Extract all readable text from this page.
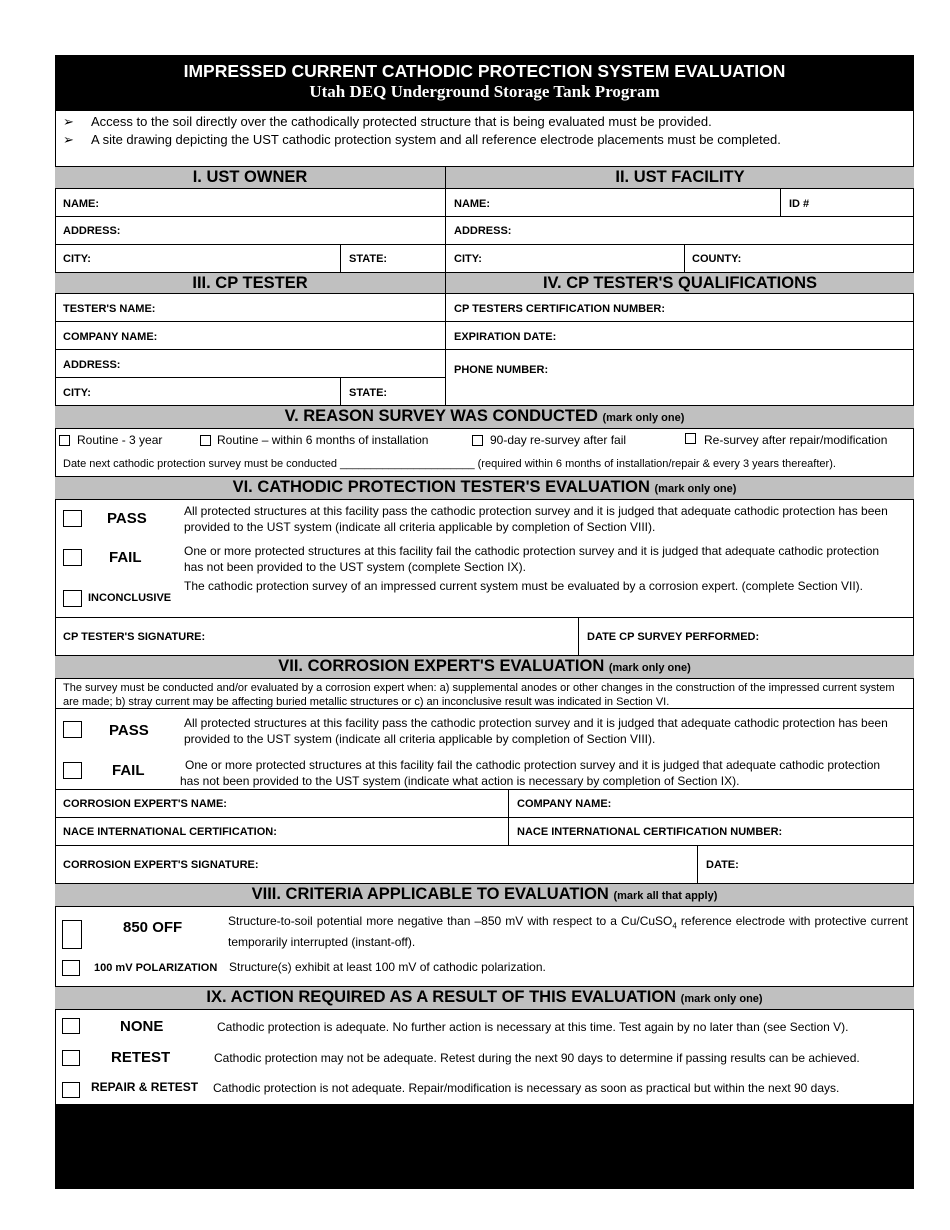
IMPRESSED CURRENT CATHODIC PROTECTION SYSTEM EVALUATION
Utah DEQ Underground Storage Tank Program
➢ Access to the soil directly over the cathodically protected structure that is being evaluated must be provided.
➢ A site drawing depicting the UST cathodic protection system and all reference electrode placements must be completed.
I. UST OWNER	II. UST FACILITY
NAME:	NAME:	ID #
ADDRESS:	ADDRESS:
CITY:	STATE:	CITY:	COUNTY:
III. CP TESTER	IV. CP TESTER'S QUALIFICATIONS
TESTER'S NAME:	CP TESTERS CERTIFICATION NUMBER:
COMPANY NAME:	EXPIRATION DATE:
ADDRESS:	PHONE NUMBER:
CITY:	STATE:
V. REASON SURVEY WAS CONDUCTED (mark only one)
Routine - 3 year	Routine – within 6 months of installation	90-day re-survey after fail	Re-survey after repair/modification
Date next cathodic protection survey must be conducted ______________________ (required within 6 months of installation/repair & every 3 years thereafter).
VI. CATHODIC PROTECTION TESTER'S EVALUATION (mark only one)
PASS	All protected structures at this facility pass the cathodic protection survey and it is judged that adequate cathodic protection has been provided to the UST system (indicate all criteria applicable by completion of Section VIII).
FAIL	One or more protected structures at this facility fail the cathodic protection survey and it is judged that adequate cathodic protection has not been provided to the UST system (complete Section IX).
INCONCLUSIVE
The cathodic protection survey of an impressed current system must be evaluated by a corrosion expert. (complete Section VII).
CP TESTER'S SIGNATURE:	DATE CP SURVEY PERFORMED:
VII. CORROSION EXPERT'S EVALUATION (mark only one)
The survey must be conducted and/or evaluated by a corrosion expert when: a) supplemental anodes or other changes in the construction of the impressed current system are made; b) stray current may be affecting buried metallic structures or c) an inconclusive result was indicated in Section VI.
PASS	All protected structures at this facility pass the cathodic protection survey and it is judged that adequate cathodic protection has been provided to the UST system (indicate all criteria applicable by completion of Section VIII).
FAIL	One or more protected structures at this facility fail the cathodic protection survey and it is judged that adequate cathodic protection has not been provided to the UST system (indicate what action is necessary by completion of Section IX).
CORROSION EXPERT'S NAME:	COMPANY NAME:
NACE INTERNATIONAL CERTIFICATION:	NACE INTERNATIONAL CERTIFICATION NUMBER:
CORROSION EXPERT'S SIGNATURE:	DATE:
VIII. CRITERIA APPLICABLE TO EVALUATION (mark all that apply)
850 OFF	Structure-to-soil potential more negative than –850 mV with respect to a Cu/CuSO$_4$ reference electrode with protective current temporarily interrupted (instant-off).
100 mV POLARIZATION Structure(s) exhibit at least 100 mV of cathodic polarization.
IX. ACTION REQUIRED AS A RESULT OF THIS EVALUATION (mark only one)
NONE	Cathodic protection is adequate. No further action is necessary at this time. Test again by no later than (see Section V).
RETEST	Cathodic protection may not be adequate. Retest during the next 90 days to determine if passing results can be achieved.
REPAIR & RETEST Cathodic protection is not adequate. Repair/modification is necessary as soon as practical but within the next 90 days.
